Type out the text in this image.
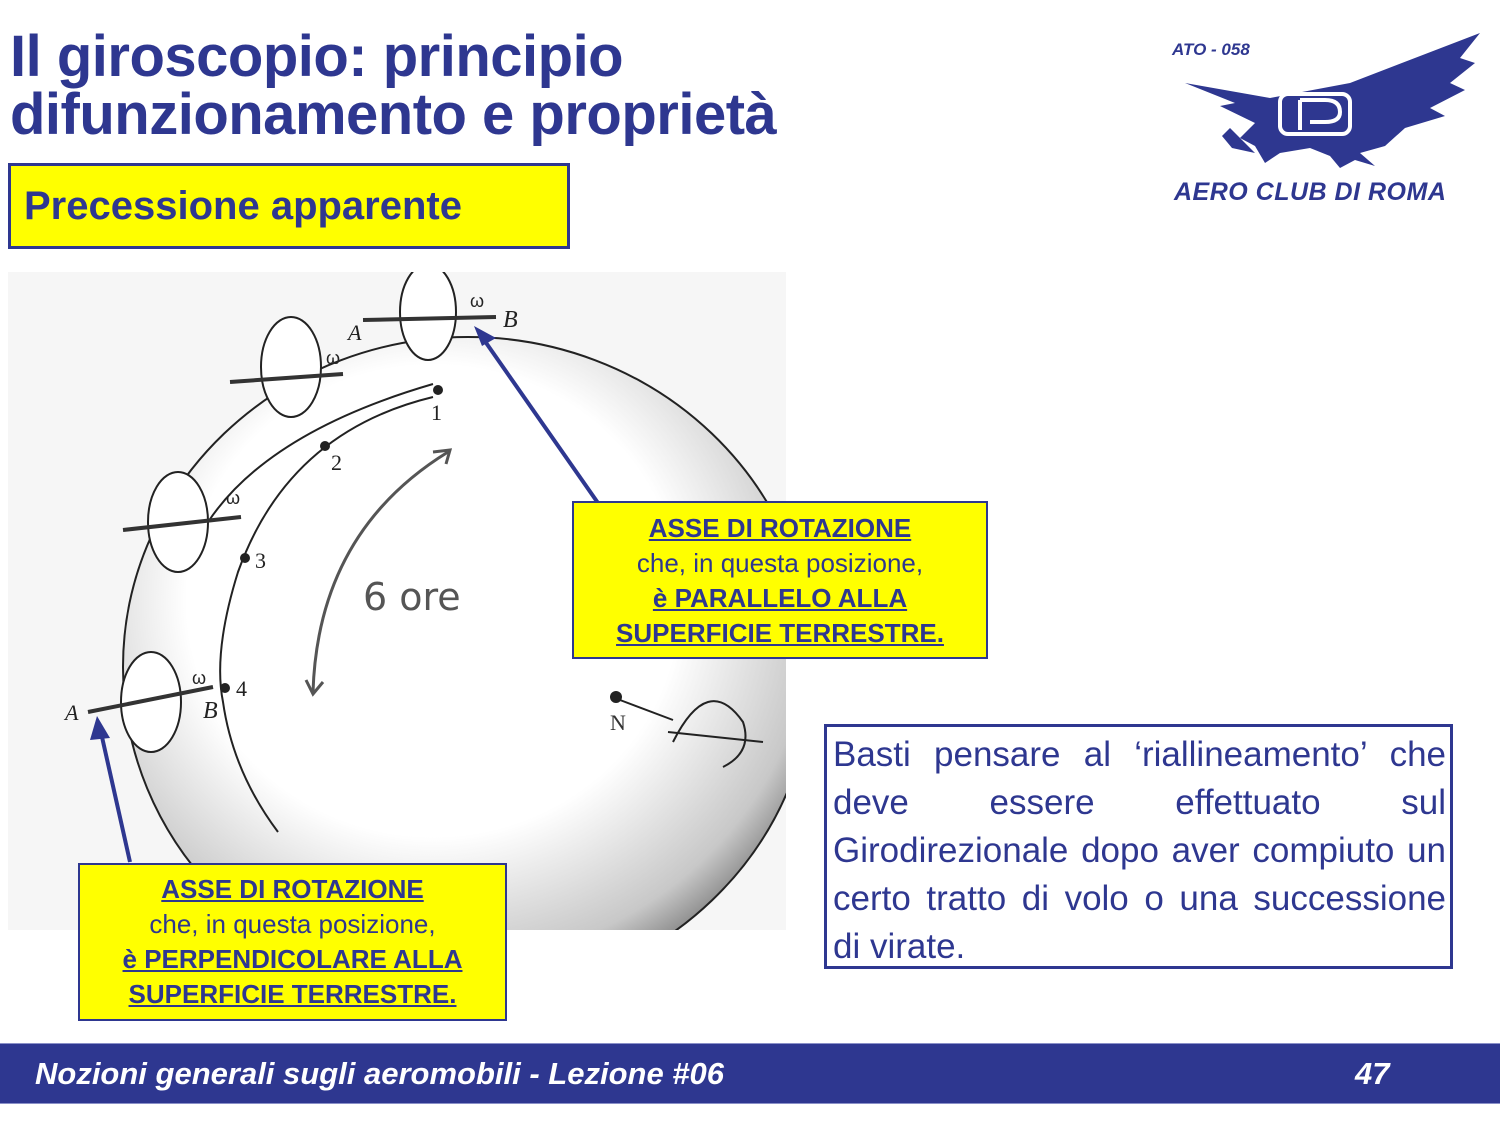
Il giroscopio: principio
difunzionamento e proprietà
Precessione apparente
ATO - 058
AERO CLUB DI ROMA
1
2
3
4
N
6 ore
A	B
A	B
ω
ω
ω
ω
ASSE DI ROTAZIONE
che, in questa posizione,
è PARALLELO ALLA
SUPERFICIE TERRESTRE.
ASSE DI ROTAZIONE
che, in questa posizione,
è PERPENDICOLARE ALLA
SUPERFICIE TERRESTRE.
Basti pensare al ‘riallineamento’ che deve essere effettuato sul Girodirezionale dopo aver compiuto un certo tratto di volo o una successione di virate.
Nozioni generali sugli aeromobili - Lezione #06	47
